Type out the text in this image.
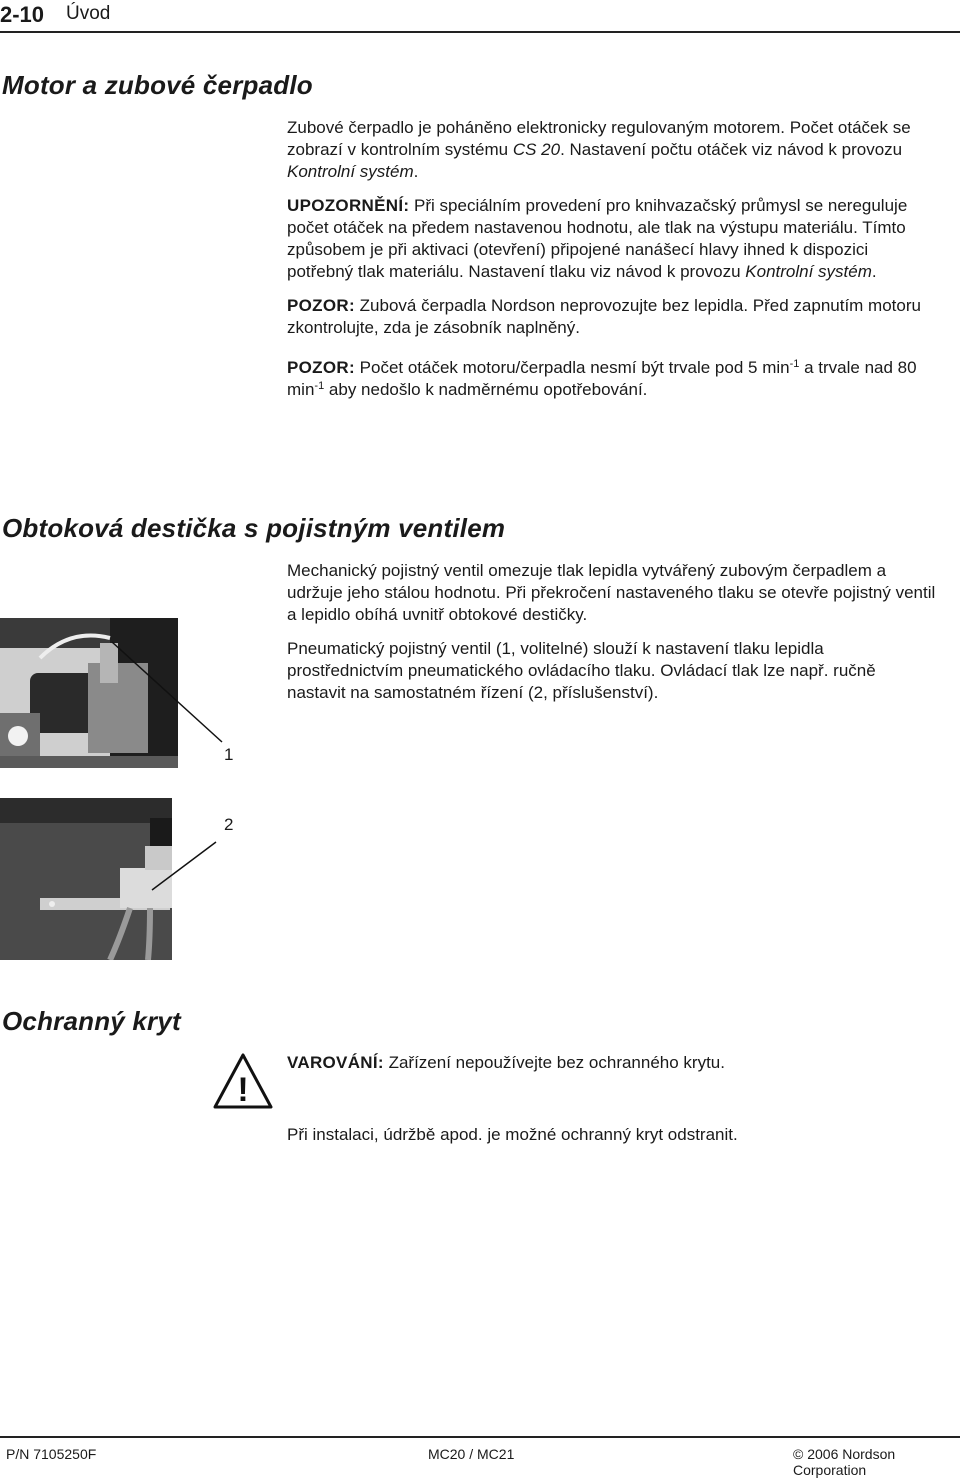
2-10 Úvod
Motor a zubové čerpadlo

Zubové čerpadlo je poháněno elektronicky regulovaným motorem. Počet otáček se zobrazí v kontrolním systému CS 20. Nastavení počtu otáček viz návod k provozu Kontrolní systém.

UPOZORNĚNÍ: Při speciálním provedení pro knihvazačský průmysl se nereguluje počet otáček na předem nastavenou hodnotu, ale tlak na výstupu materiálu. Tímto způsobem je při aktivaci (otevření) připojené nanášecí hlavy ihned k dispozici potřebný tlak materiálu. Nastavení tlaku viz návod k provozu Kontrolní systém.

POZOR: Zubová čerpadla Nordson neprovozujte bez lepidla. Před zapnutím motoru zkontrolujte, zda je zásobník naplněný.

POZOR: Počet otáček motoru/čerpadla nesmí být trvale pod 5 $\min^{-1} a$ trvale nad 80 $\min^{-1}$ aby nedošlo k nadměrnému opotřebování.

Obtoková destička s pojistným ventilem

Mechanický pojistný ventil omezuje tlak lepidla vytvářený zubovým čerpadlem a udržuje jeho stálou hodnotu. Při překročení nastaveného tlaku se otevře pojistný ventil a lepidlo obíhá uvnitř obtokové destičky.

Pneumatický pojistný ventil (1, volitelné) slouží k nastavení tlaku lepidla prostřednictvím pneumatického ovládacího tlaku. Ovládací tlak lze např. ručně nastavit na samostatném řízení (2, příslušenství).

1
2
Ochranný kryt
!

VAROVÁNÍ: Zařízení nepoužívejte bez ochranného krytu.

Při instalaci, údržbě apod. je možné ochranný kryt odstranit.

P/N 7105250F	MC20 / MC21	© 2006 Nordson Corporation
